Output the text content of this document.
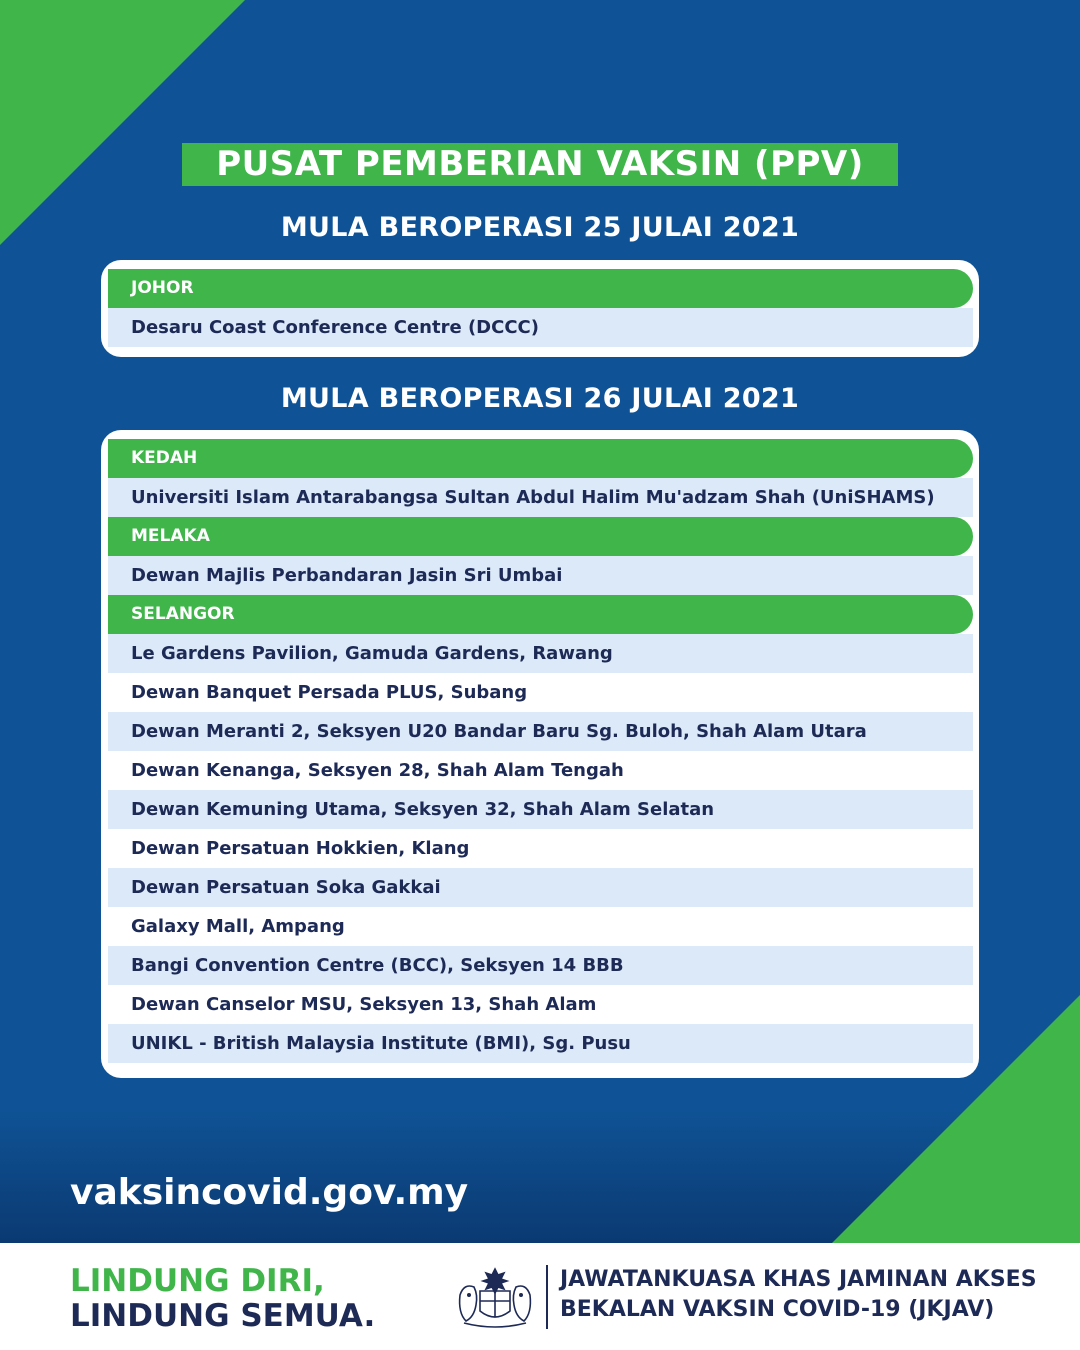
PUSAT PEMBERIAN VAKSIN (PPV)
MULA BEROPERASI 25 JULAI 2021
JOHOR
Desaru Coast Conference Centre (DCCC)
MULA BEROPERASI 26 JULAI 2021
KEDAH
Universiti Islam Antarabangsa Sultan Abdul Halim Mu'adzam Shah (UniSHAMS)
MELAKA
Dewan Majlis Perbandaran Jasin Sri Umbai
SELANGOR
Le Gardens Pavilion, Gamuda Gardens, Rawang
Dewan Banquet Persada PLUS, Subang
Dewan Meranti 2, Seksyen U20 Bandar Baru Sg. Buloh, Shah Alam Utara
Dewan Kenanga, Seksyen 28, Shah Alam Tengah
Dewan Kemuning Utama, Seksyen 32, Shah Alam Selatan
Dewan Persatuan Hokkien, Klang
Dewan Persatuan Soka Gakkai
Galaxy Mall, Ampang
Bangi Convention Centre (BCC), Seksyen 14 BBB
Dewan Canselor MSU, Seksyen 13, Shah Alam
UNIKL - British Malaysia Institute (BMI), Sg. Pusu
vaksincovid.gov.my
LINDUNG DIRI,
LINDUNG SEMUA.
JAWATANKUASA KHAS JAMINAN AKSES
BEKALAN VAKSIN COVID-19 (JKJAV)
